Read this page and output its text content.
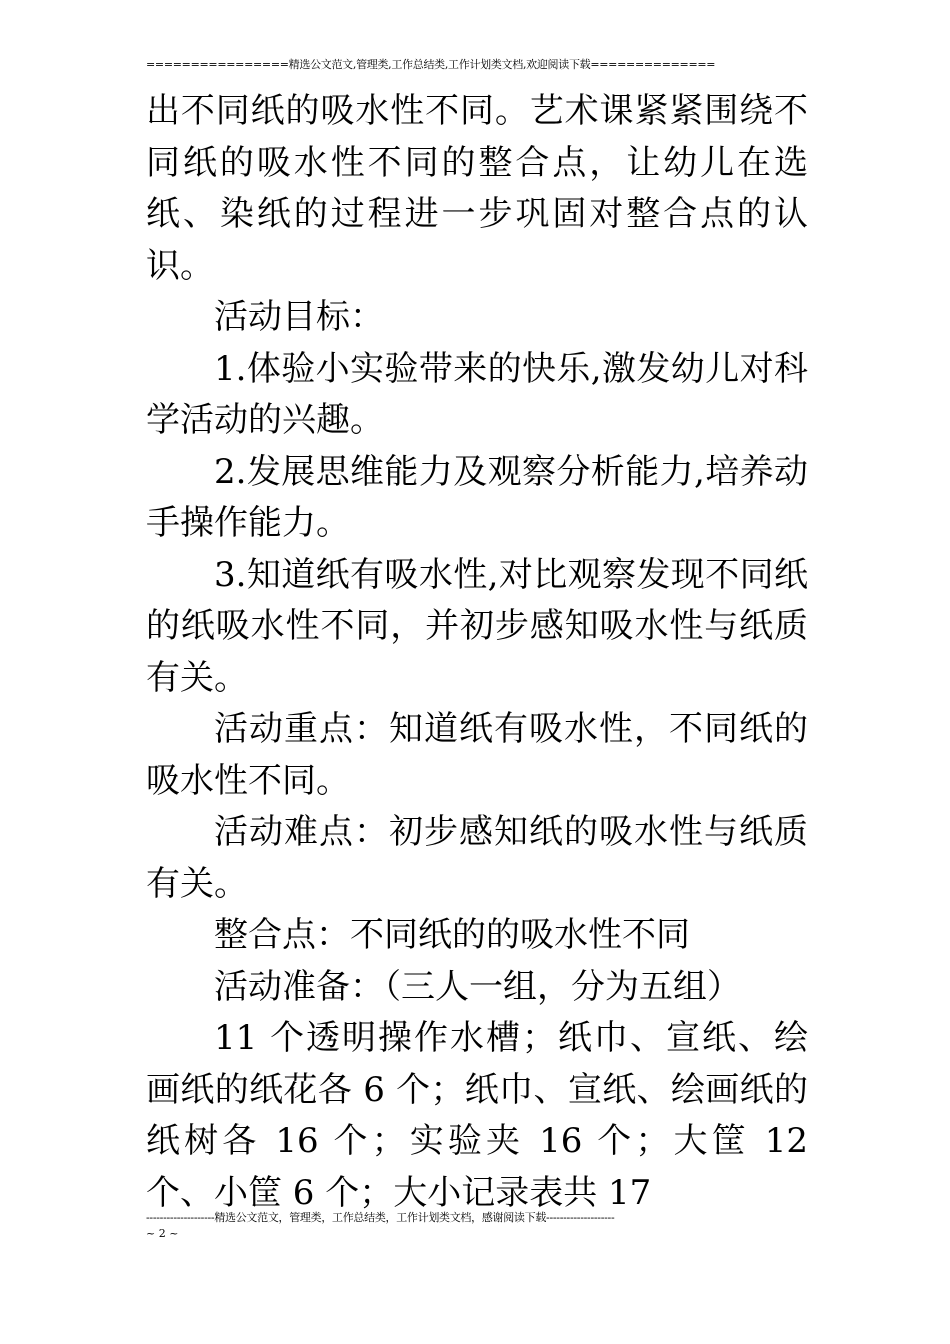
================精选公文范文,管理类,工作总结类,工作计划类文档,欢迎阅读下载==============

出不同纸的吸水性不同。艺术课紧紧围绕不同纸的吸水性不同的整合点，让幼儿在选纸、染纸的过程进一步巩固对整合点的认识。

活动目标：

1.体验小实验带来的快乐,激发幼儿对科学活动的兴趣。

2.发展思维能力及观察分析能力,培养动手操作能力。

3.知道纸有吸水性,对比观察发现不同纸的纸吸水性不同，并初步感知吸水性与纸质有关。

活动重点：知道纸有吸水性，不同纸的吸水性不同。

活动难点：初步感知纸的吸水性与纸质有关。

整合点：不同纸的的吸水性不同

活动准备：（三人一组，分为五组）

11 个透明操作水槽；纸巾、宣纸、绘画纸的纸花各 6 个；纸巾、宣纸、绘画纸的纸树各 16 个；实验夹 16 个；大筐 12 个、小筐 6 个；大小记录表共 17

--------------------精选公文范文，管理类，工作总结类，工作计划类文档，感谢阅读下载--------------------
~ 2 ~
